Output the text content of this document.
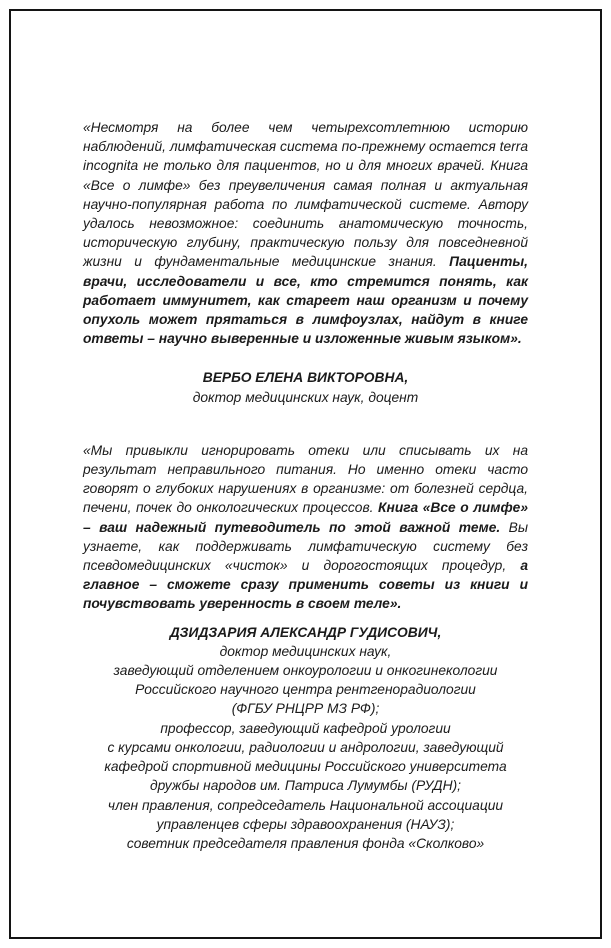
«Несмотря на более чем четырехсотлетнюю историю наблюдений, лимфатическая система по-прежнему остается terra incognita не только для пациентов, но и для многих врачей. Книга «Все о лимфе» без преувеличения самая полная и актуальная научно-популярная работа по лимфатической системе. Автору удалось невозможное: соединить анатомическую точность, историческую глубину, практическую пользу для повседневной жизни и фундаментальные медицинские знания. Пациенты, врачи, исследователи и все, кто стремится понять, как работает иммунитет, как стареет наш организм и почему опухоль может прятаться в лимфоузлах, найдут в книге ответы – научно выверенные и изложенные живым языком».
ВЕРБО ЕЛЕНА ВИКТОРОВНА,
доктор медицинских наук, доцент
«Мы привыкли игнорировать отеки или списывать их на результат неправильного питания. Но именно отеки часто говорят о глубоких нарушениях в организме: от болезней сердца, печени, почек до онкологических процессов. Книга «Все о лимфе» – ваш надежный путеводитель по этой важной теме. Вы узнаете, как поддерживать лимфатическую систему без псевдомедицинских «чисток» и дорогостоящих процедур, а главное – сможете сразу применить советы из книги и почувствовать уверенность в своем теле».
ДЗИДЗАРИЯ АЛЕКСАНДР ГУДИСОВИЧ,
доктор медицинских наук,
заведующий отделением онкоурологии и онкогинекологии
Российского научного центра рентгенорадиологии
(ФГБУ РНЦРР МЗ РФ);
профессор, заведующий кафедрой урологии
с курсами онкологии, радиологии и андрологии, заведующий
кафедрой спортивной медицины Российского университета
дружбы народов им. Патриса Лумумбы (РУДН);
член правления, сопредседатель Национальной ассоциации
управленцев сферы здравоохранения (НАУЗ);
советник председателя правления фонда «Сколково»
